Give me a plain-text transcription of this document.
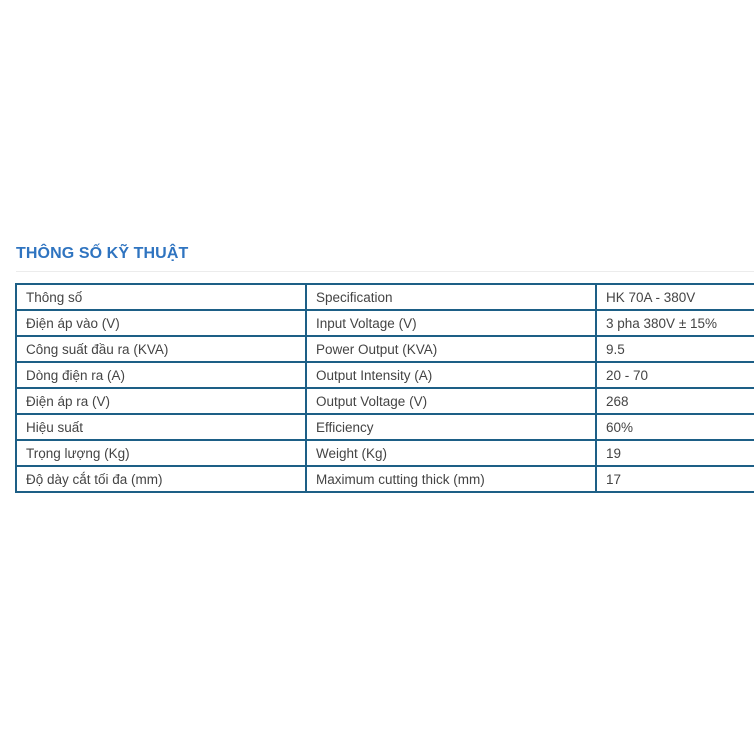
THÔNG SỐ KỸ THUẬT
Thông số	Specification	HK 70A - 380V
Điện áp vào (V)	Input Voltage (V)	3 pha 380V ± 15%
Công suất đầu ra (KVA)	Power Output (KVA)	9.5
Dòng điện ra (A)	Output Intensity (A)	20 - 70
Điện áp ra (V)	Output Voltage (V)	268
Hiệu suất	Efficiency	60%
Trọng lượng (Kg)	Weight (Kg)	19
Độ dày cắt tối đa (mm)	Maximum cutting thick (mm)	17
